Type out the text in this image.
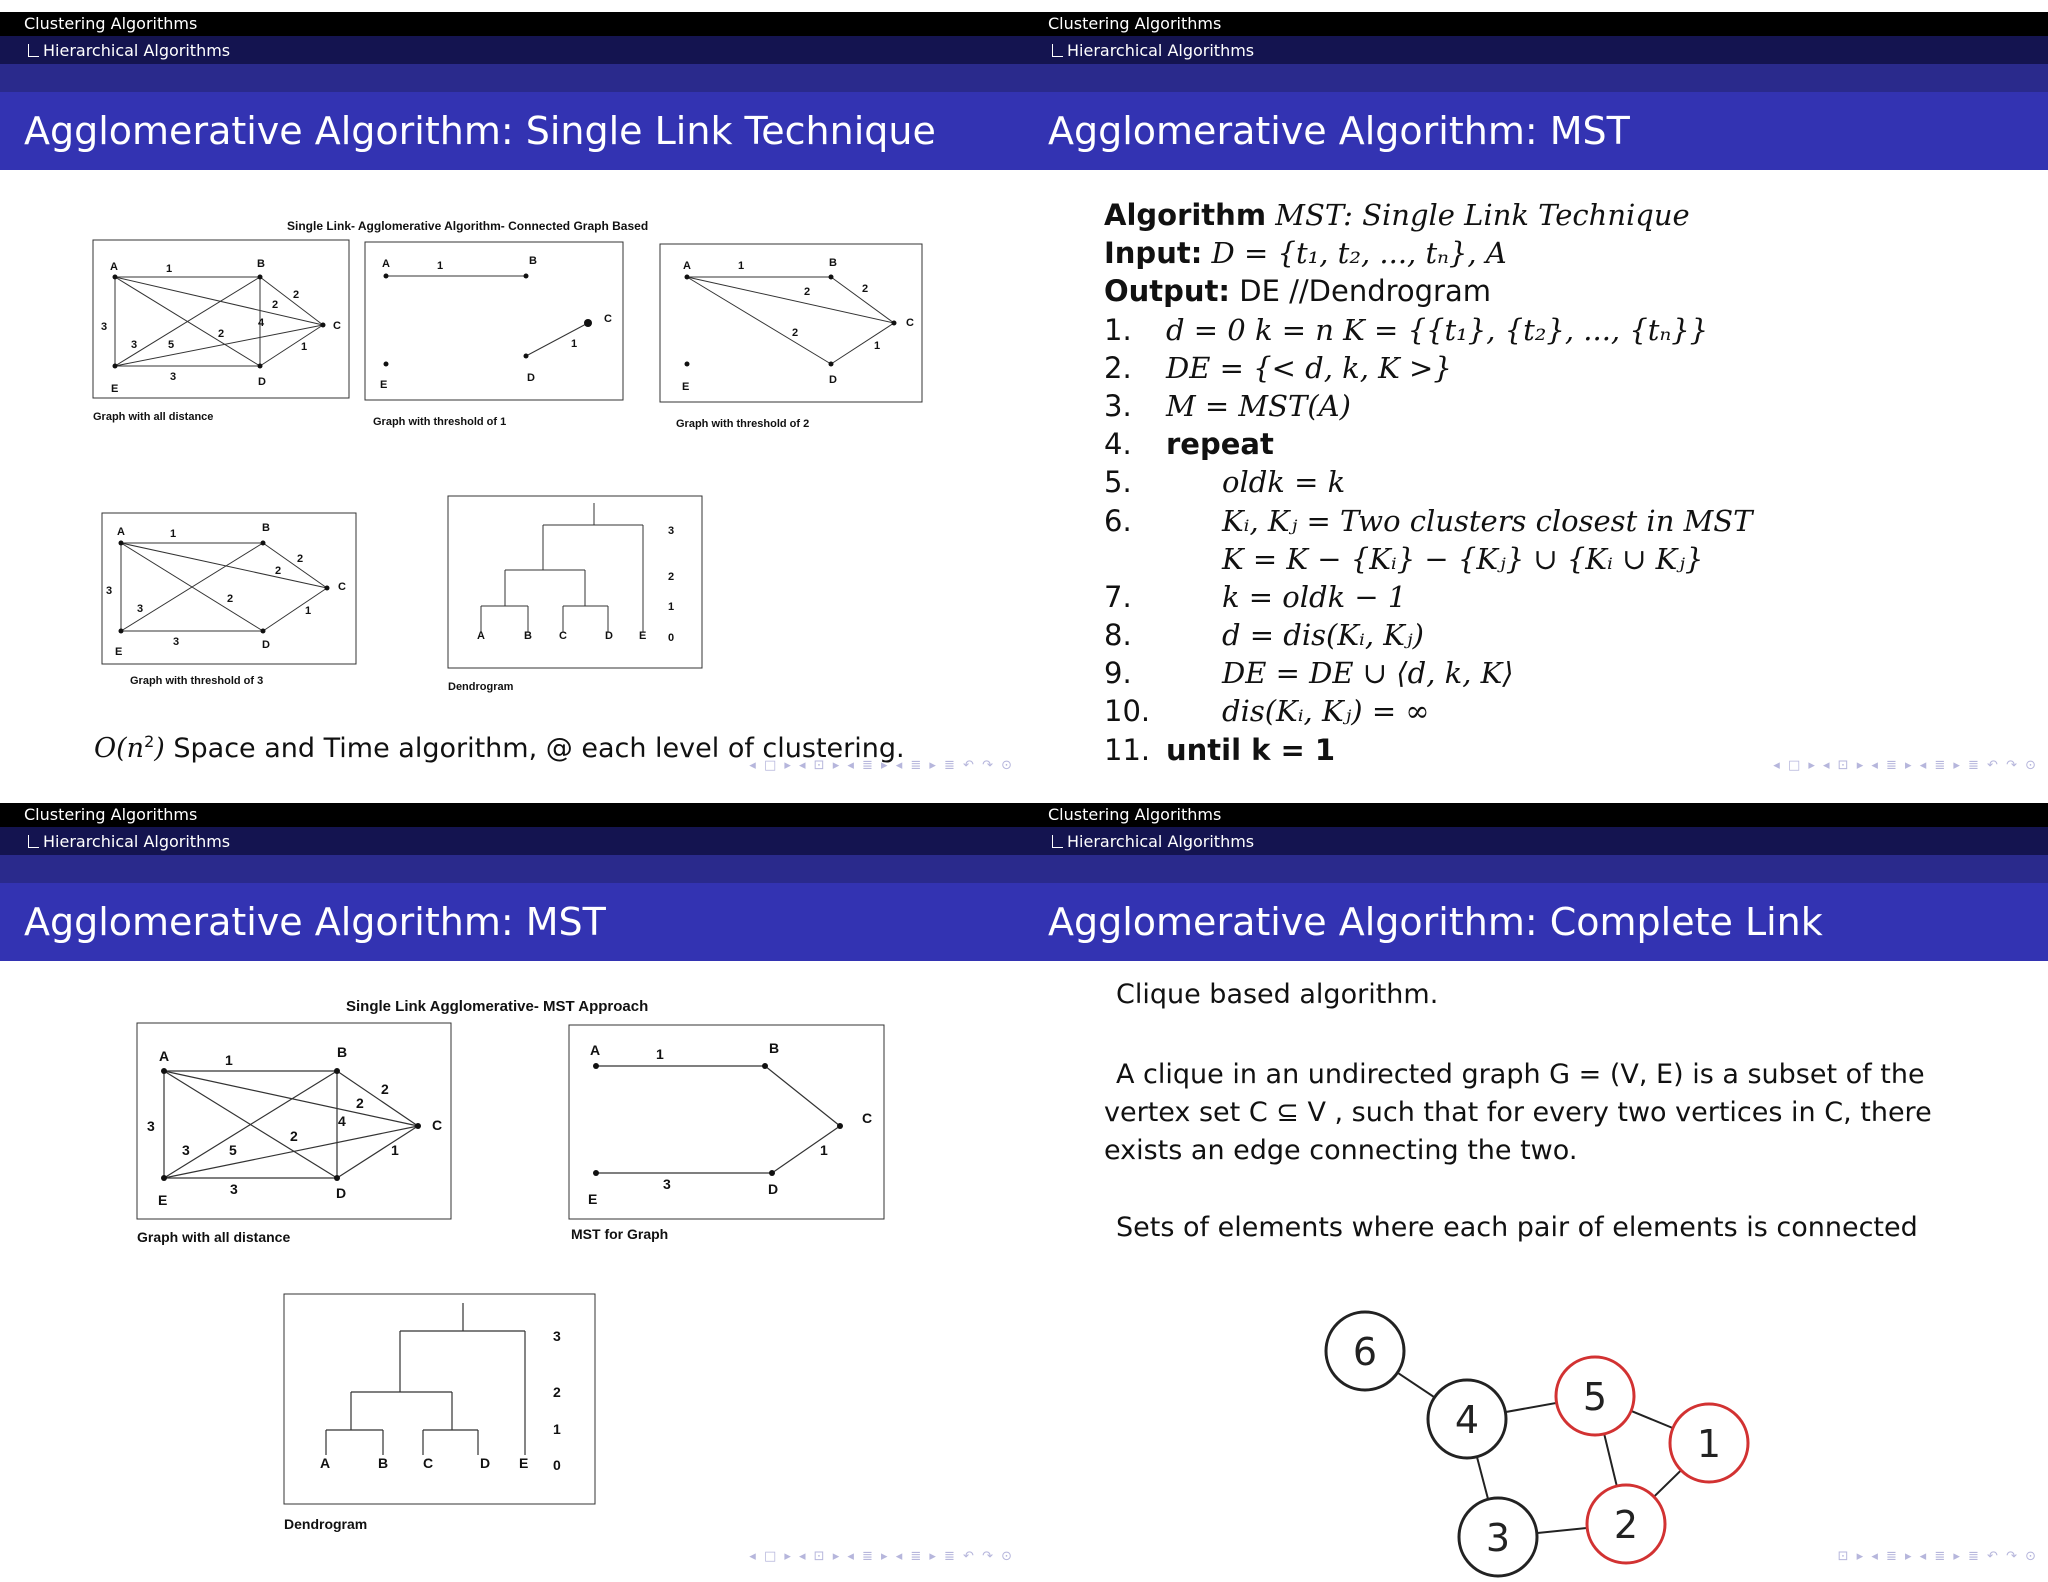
Clustering Algorithms
Hierarchical Algorithms
Agglomerative Algorithm: Single Link Technique
Single Link- Agglomerative Algorithm- Connected Graph Based
A	B
C
D
E
1
2
1
3
3
2
4
2
5
3
Graph with all distance
A	B
C
D
E
1
1
Graph with threshold of 1
A	B
C
D
E
1
2
2
2
1
Graph with threshold of 2
A	B
C
D
E
1
2
2
2
1
3
3
3
Graph with threshold of 3
A	B C	D E
3
2
1
0
Dendrogram
$O(n^2)$ Space and Time algorithm, @ each level of clustering.
◂ □ ▸ ◂ ⊡ ▸ ◂ ≣ ▸ ◂ ≣ ▸ ≣ ↶ ↷ ⊙
Clustering Algorithms
Hierarchical Algorithms
Agglomerative Algorithm: MST
Algorithm MST: Single Link Technique
Input: D = {t₁, t₂, ..., tₙ}, A
Output: DE //Dendrogram
1. d = 0 k = n K = {{t₁}, {t₂}, ..., {tₙ}}
2. DE = {< d, k, K >}
3. M = MST(A)
4. repeat
5.	oldk = k
6.	Kᵢ, Kⱼ = Two clusters closest in MST
K = K − {Kᵢ} − {Kⱼ} ∪ {Kᵢ ∪ Kⱼ}
7.	k = oldk − 1
8.	d = dis(Kᵢ, Kⱼ)
9.	DE = DE ∪ ⟨d, k, K⟩
10. dis(Kᵢ, Kⱼ) = ∞
11. until k = 1	◂ □ ▸ ◂ ⊡ ▸ ◂ ≣ ▸ ◂ ≣ ▸ ≣ ↶ ↷ ⊙
Clustering Algorithms
Hierarchical Algorithms
Agglomerative Algorithm: MST
Single Link Agglomerative- MST Approach
A	B
C
D
E
1
2
2
4
2
1
5
3
3
3
Graph with all distance
A	B
C
D
E
1
1
3
MST for Graph
A	B C	D E
3
2
1
0
Dendrogram
◂ □ ▸ ◂ ⊡ ▸ ◂ ≣ ▸ ◂ ≣ ▸ ≣ ↶ ↷ ⊙
Clustering Algorithms
Hierarchical Algorithms
Agglomerative Algorithm: Complete Link
Clique based algorithm.
A clique in an undirected graph G = (V, E) is a subset of the vertex set C ⊆ V , such that for every two vertices in C, there exists an edge connecting the two.
Sets of elements where each pair of elements is connected
6
4
5
1
2
3	⊡ ▸ ◂ ≣ ▸ ◂ ≣ ▸ ≣ ↶ ↷ ⊙
